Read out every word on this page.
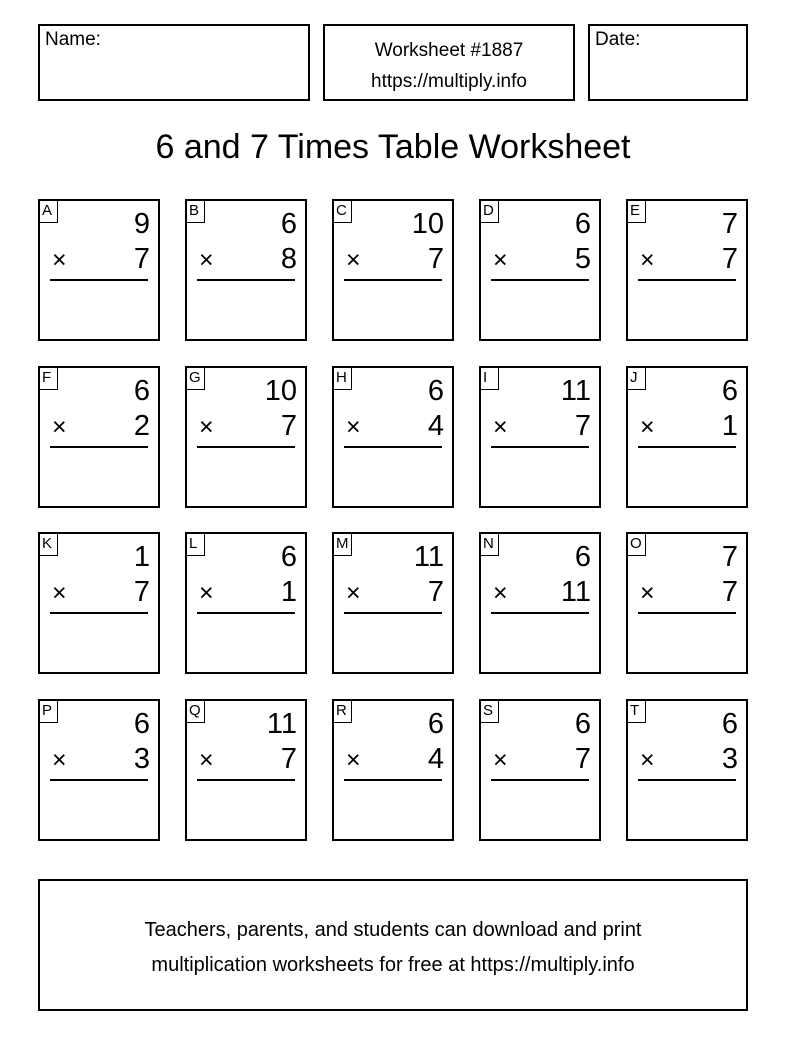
Name:
Worksheet #1887
https://multiply.info
Date:
6 and 7 Times Table Worksheet
A	9
× 7
B	6
× 8
C 10
× 7
D	6
× 5
E	7
× 7
F	6
× 2
G 10
× 7
H	6
× 4
I	11
× 7
J	6
× 1
K	1
× 7
L	6
× 1
M 11
× 7
N	6
× 11
O	7
× 7
P	6
× 3
Q 11
× 7
R	6
× 4
S	6
× 7
T	6
× 3
Teachers, parents, and students can download and print
multiplication worksheets for free at https://multiply.info
